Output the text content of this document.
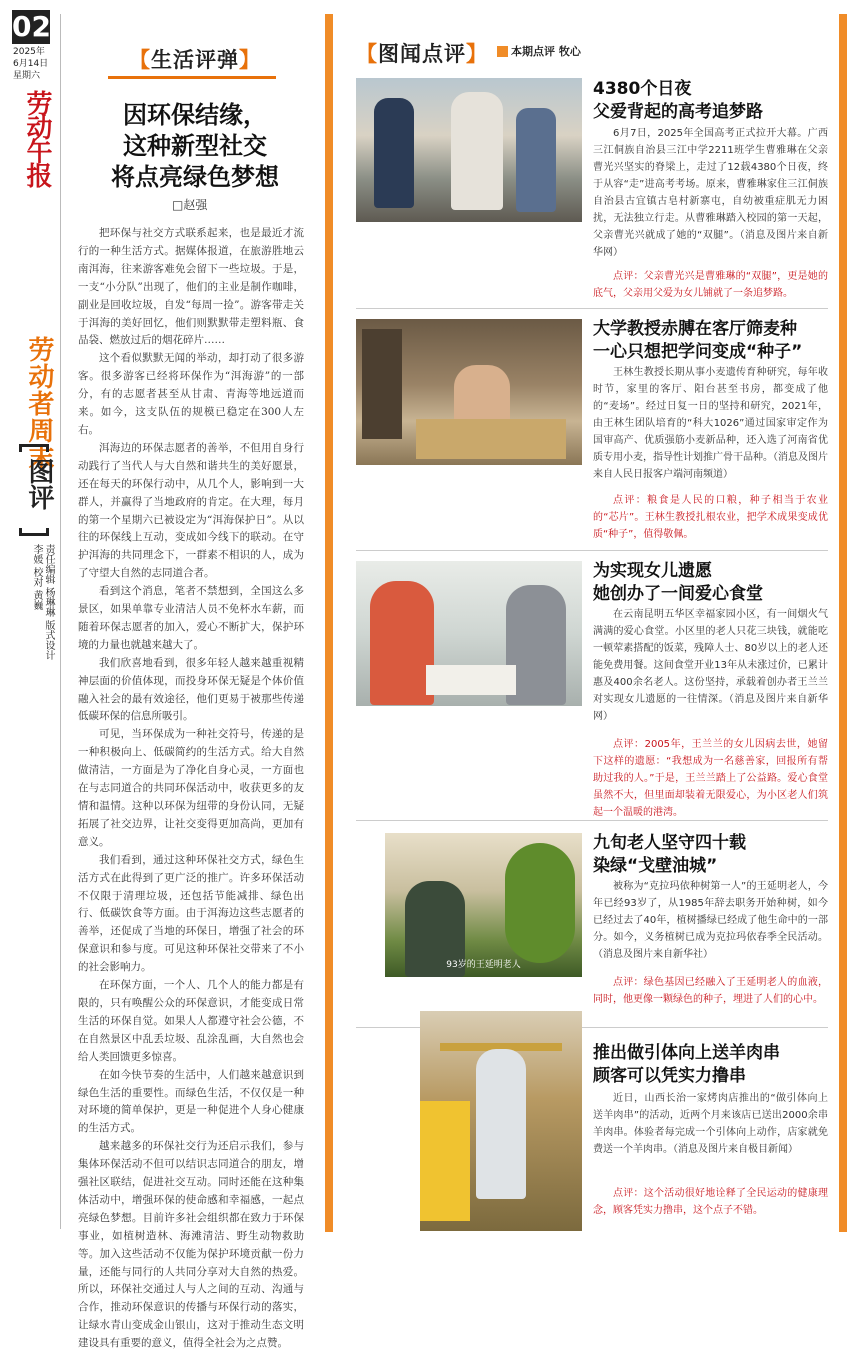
02
2025年
6月14日
星期六
劳动午报
劳动者周末
图评
责任编辑 杨琳琳 版式设计 李媛 校对 黄巍
【生活评弹】
因环保结缘，
这种新型社交
将点亮绿色梦想
□赵强

把环保与社交方式联系起来，也是最近才流行的一种生活方式。据媒体报道，在旅游胜地云南洱海，往来游客难免会留下一些垃圾。于是，一支“小分队”出现了，他们的主业是制作咖啡，副业是回收垃圾，自发“每周一捡”。游客带走关于洱海的美好回忆，他们则默默带走塑料瓶、食品袋、燃放过后的烟花碎片……

这个看似默默无闻的举动，却打动了很多游客。很多游客已经将环保作为“洱海游”的一部分，有的志愿者甚至从甘肃、青海等地远道而来。如今，这支队伍的规模已稳定在300人左右。

洱海边的环保志愿者的善举，不但用自身行动践行了当代人与大自然和谐共生的美好愿景，还在每天的环保行动中，从几个人，影响到一大群人，并赢得了当地政府的肯定。在大理，每月的第一个星期六已被设定为“洱海保护日”。从以往的环保线上互动，变成如今线下的联动。在守护洱海的共同理念下，一群素不相识的人，成为了守望大自然的志同道合者。

看到这个消息，笔者不禁想到，全国这么多景区，如果单靠专业清洁人员不免杯水车薪，而随着环保志愿者的加入，爱心不断扩大，保护环境的力量也就越来越大了。

我们欣喜地看到，很多年轻人越来越重视精神层面的价值体现，而投身环保无疑是个体价值融入社会的最有效途径，他们更易于被那些传递低碳环保的信息所吸引。

可见，当环保成为一种社交符号，传递的是一种积极向上、低碳简约的生活方式。给大自然做清洁，一方面是为了净化自身心灵，一方面也在与志同道合的共同环保活动中，收获更多的友情和温情。这种以环保为纽带的身份认同，无疑拓展了社交边界，让社交变得更加高尚，更加有意义。

我们看到，通过这种环保社交方式，绿色生活方式在此得到了更广泛的推广。许多环保活动不仅限于清理垃圾，还包括节能减排、绿色出行、低碳饮食等方面。由于洱海边这些志愿者的善举，还促成了当地的环保日，增强了社会的环保意识和参与度。可见这种环保社交带来了不小的社会影响力。

在环保方面，一个人、几个人的能力都是有限的，只有唤醒公众的环保意识，才能变成日常生活的环保自觉。如果人人都遵守社会公德，不在自然景区中乱丢垃圾、乱涂乱画，大自然也会给人类回馈更多惊喜。

在如今快节奏的生活中，人们越来越意识到绿色生活的重要性。而绿色生活，不仅仅是一种对环境的简单保护，更是一种促进个人身心健康的生活方式。

越来越多的环保社交行为还启示我们，参与集体环保活动不但可以结识志同道合的朋友，增强社区联结，促进社交互动。同时还能在这种集体活动中，增强环保的使命感和幸福感，一起点亮绿色梦想。目前许多社会组织都在致力于环保事业，如植树造林、海滩清洁、野生动物救助等。加入这些活动不仅能为保护环境贡献一份力量，还能与同行的人共同分享对大自然的热爱。所以，环保社交通过人与人之间的互动、沟通与合作，推动环保意识的传播与环保行动的落实，让绿水青山变成金山银山，这对于推动生态文明建设具有重要的意义，值得全社会为之点赞。

【图闻点评】 本期点评 牧心
4380个日夜
父爱背起的高考追梦路
6月7日，2025年全国高考正式拉开大幕。广西三江侗族自治县三江中学2211班学生曹雅琳在父亲曹光兴坚实的脊梁上，走过了12载4380个日夜，终于从容“走”进高考考场。原来，曹雅琳家住三江侗族自治县古宜镇古皂村新寨屯，自幼被重症肌无力困扰，无法独立行走。从曹雅琳踏入校园的第一天起，父亲曹光兴就成了她的“双腿”。（消息及图片来自新华网）
点评：父亲曹光兴是曹雅琳的“双腿”，更是她的底气，父亲用父爱为女儿铺就了一条追梦路。
大学教授赤膊在客厅筛麦种
一心只想把学问变成“种子”
王林生教授长期从事小麦遗传育种研究，每年收时节，家里的客厅、阳台甚至书房，都变成了他的“麦场”。经过日复一日的坚持和研究，2021年，由王林生团队培育的“科大1026”通过国家审定作为国审高产、优质强筋小麦新品种，还入选了河南省优质专用小麦，指导性计划推广骨干品种。（消息及图片来自人民日报客户端河南频道）
点评：粮食是人民的口粮，种子相当于农业的“芯片”。王林生教授扎根农业，把学术成果变成优质“种子”，值得敬佩。
为实现女儿遗愿
她创办了一间爱心食堂
在云南昆明五华区幸福家园小区，有一间烟火气满满的爱心食堂。小区里的老人只花三块钱，就能吃一顿荤素搭配的饭菜，残障人士、80岁以上的老人还能免费用餐。这间食堂开业13年从未涨过价，已累计惠及400余名老人。这份坚持，承载着创办者王兰兰对实现女儿遗愿的一往情深。（消息及图片来自新华网）
点评：2005年，王兰兰的女儿因病去世，她留下这样的遗愿：“我想成为一名慈善家，回报所有帮助过我的人。”于是，王兰兰踏上了公益路。爱心食堂虽然不大，但里面却装着无限爱心，为小区老人们筑起一个温暖的港湾。
93岁的王延明老人
九旬老人坚守四十载
染绿“戈壁油城”
被称为“克拉玛依种树第一人”的王延明老人，今年已经93岁了，从1985年辞去职务开始种树，如今已经过去了40年，植树播绿已经成了他生命中的一部分。如今，义务植树已成为克拉玛依春季全民活动。（消息及图片来自新华社）
点评：绿色基因已经融入了王延明老人的血液，同时，他更像一颗绿色的种子，埋进了人们的心中。
推出做引体向上送羊肉串
顾客可以凭实力撸串
近日，山西长治一家烤肉店推出的“做引体向上送羊肉串”的活动，近两个月来该店已送出2000余串羊肉串。体验者每完成一个引体向上动作，店家就免费送一个羊肉串。（消息及图片来自极目新闻）
点评：这个活动很好地诠释了全民运动的健康理念，顾客凭实力撸串，这个点子不错。
